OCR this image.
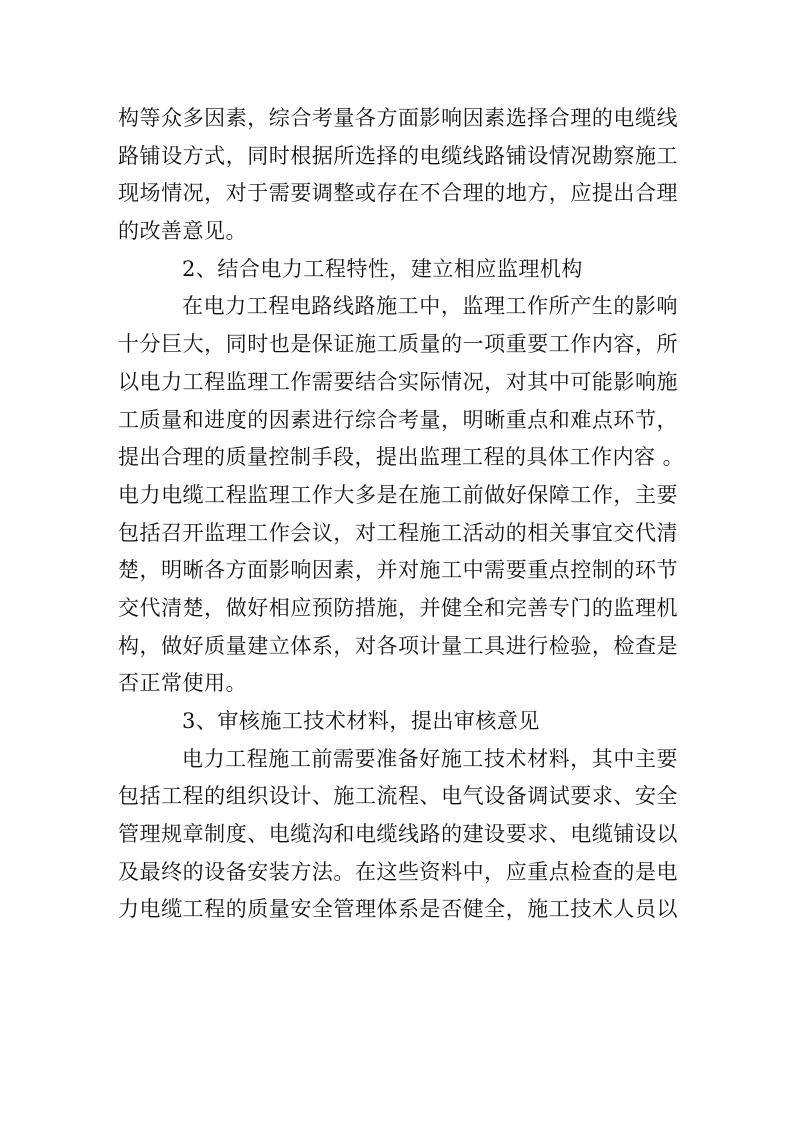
构等众多因素，综合考量各方面影响因素选择合理的电缆线
路铺设方式，同时根据所选择的电缆线路铺设情况勘察施工
现场情况，对于需要调整或存在不合理的地方，应提出合理
的改善意见。
2、结合电力工程特性，建立相应监理机构
在电力工程电路线路施工中，监理工作所产生的影响
十分巨大，同时也是保证施工质量的一项重要工作内容，所
以电力工程监理工作需要结合实际情况，对其中可能影响施
工质量和进度的因素进行综合考量，明晰重点和难点环节，
提出合理的质量控制手段，提出监理工程的具体工作内容 。
电力电缆工程监理工作大多是在施工前做好保障工作，主要
包括召开监理工作会议，对工程施工活动的相关事宜交代清
楚，明晰各方面影响因素，并对施工中需要重点控制的环节
交代清楚，做好相应预防措施，并健全和完善专门的监理机
构，做好质量建立体系，对各项计量工具进行检验，检查是
否正常使用。
3、审核施工技术材料，提出审核意见
电力工程施工前需要准备好施工技术材料，其中主要
包括工程的组织设计、施工流程、电气设备调试要求、安全
管理规章制度、电缆沟和电缆线路的建设要求、电缆铺设以
及最终的设备安装方法。在这些资料中，应重点检查的是电
力电缆工程的质量安全管理体系是否健全，施工技术人员以
